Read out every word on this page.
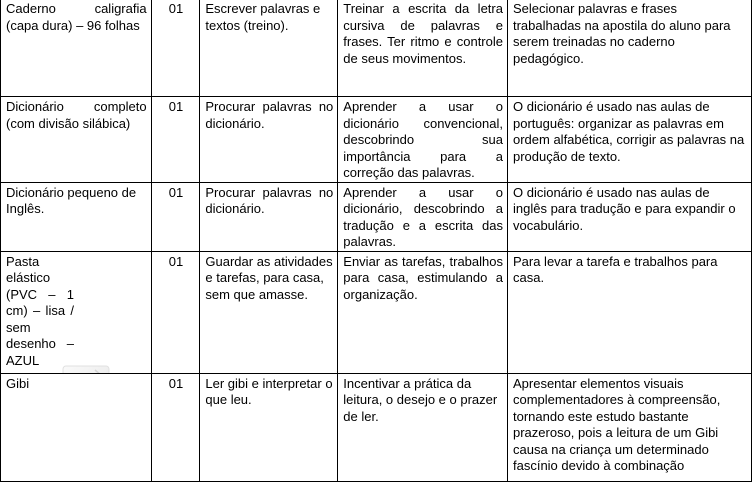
Caderno caligrafia (capa dura) – 96 folhas	01	Escrever palavras e textos (treino).	Treinar a escrita da letra cursiva de palavras e frases. Ter ritmo e controle de seus movimentos.	Selecionar palavras e frases trabalhadas na apostila do aluno para serem treinadas no caderno pedagógico.
Dicionário completo (com divisão silábica)	01	Procurar palavras no dicionário.	Aprender a usar o dicionário convencional, descobrindo sua importância para a correção das palavras.	O dicionário é usado nas aulas de português: organizar as palavras em ordem alfabética, corrigir as palavras na produção de texto.
Dicionário pequeno de Inglês.	01	Procurar palavras no dicionário.	Aprender a usar o dicionário, descobrindo a tradução e a escrita das palavras.	O dicionário é usado nas aulas de inglês para tradução e para expandir o vocabulário.

Pasta elástico (PVC – 1 cm) – lisa / sem desenho – AZUL	01	Guardar as atividades e tarefas, para casa, sem que amasse.	Enviar as tarefas, trabalhos para casa, estimulando a organização.	Para levar a tarefa e trabalhos para casa.
Gibi	01	Ler gibi e interpretar o que leu.	Incentivar a prática da leitura, o desejo e o prazer de ler.	Apresentar elementos visuais complementadores à compreensão, tornando este estudo bastante prazeroso, pois a leitura de um Gibi causa na criança um determinado fascínio devido à combinação
